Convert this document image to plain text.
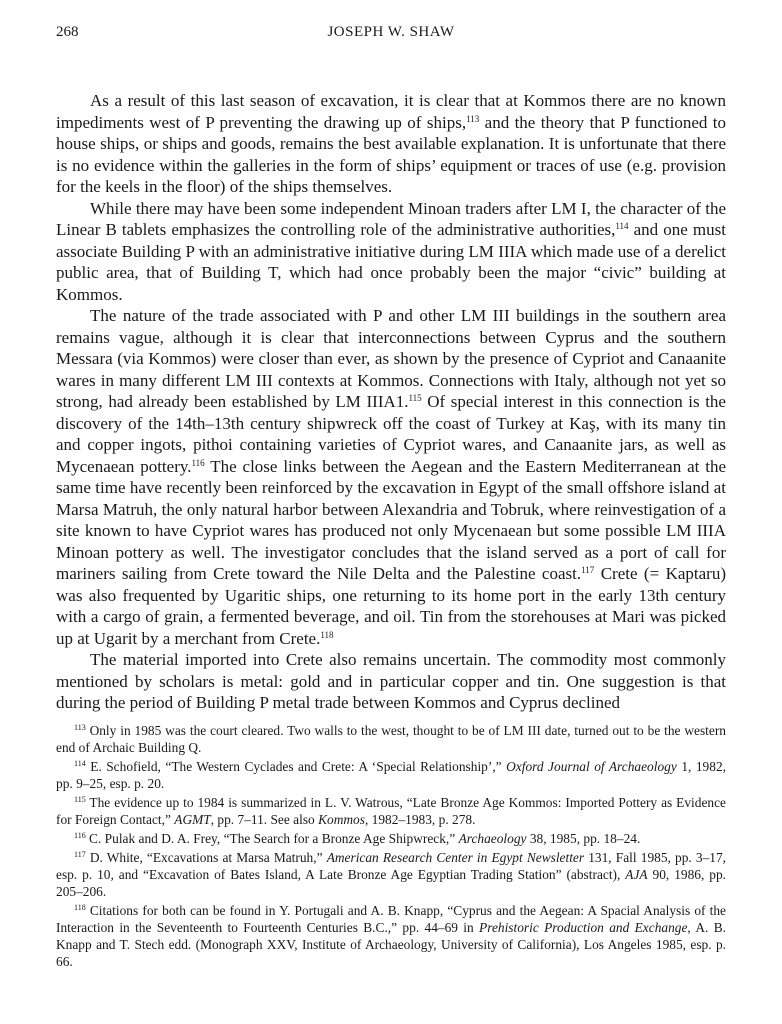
268	JOSEPH W. SHAW

As a result of this last season of excavation, it is clear that at Kommos there are no known impediments west of P preventing the drawing up of ships,$^{113}$ and the theory that P functioned to house ships, or ships and goods, remains the best available explanation. It is unfortunate that there is no evidence within the galleries in the form of ships’ equipment or traces of use (e.g. provision for the keels in the floor) of the ships themselves.

While there may have been some independent Minoan traders after LM I, the character of the Linear B tablets emphasizes the controlling role of the administrative authorities,$^{114}$ and one must associate Building P with an administrative initiative during LM IIIA which made use of a derelict public area, that of Building T, which had once probably been the major “civic” building at Kommos.

The nature of the trade associated with P and other LM III buildings in the southern area remains vague, although it is clear that interconnections between Cyprus and the southern Messara (via Kommos) were closer than ever, as shown by the presence of Cypriot and Canaanite wares in many different LM III contexts at Kommos. Connections with Italy, although not yet so strong, had already been established by LM IIIA1.$^{115}$ Of special interest in this connection is the discovery of the 14th–13th century shipwreck off the coast of Turkey at Kaş, with its many tin and copper ingots, pithoi containing varieties of Cypriot wares, and Canaanite jars, as well as Mycenaean pottery.$^{116}$ The close links between the Aegean and the Eastern Mediterranean at the same time have recently been reinforced by the excavation in Egypt of the small offshore island at Marsa Matruh, the only natural harbor between Alexandria and Tobruk, where reinvestigation of a site known to have Cypriot wares has produced not only Mycenaean but some possible LM IIIA Minoan pottery as well. The investigator concludes that the island served as a port of call for mariners sailing from Crete toward the Nile Delta and the Palestine coast.$^{117}$ Crete (= Kaptaru) was also frequented by Ugaritic ships, one returning to its home port in the early 13th century with a cargo of grain, a fermented beverage, and oil. Tin from the storehouses at Mari was picked up at Ugarit by a merchant from Crete.$^{118}$

The material imported into Crete also remains uncertain. The commodity most commonly mentioned by scholars is metal: gold and in particular copper and tin. One suggestion is that during the period of Building P metal trade between Kommos and Cyprus declined

$^{113}$ Only in 1985 was the court cleared. Two walls to the west, thought to be of LM III date, turned out to be the western end of Archaic Building Q.

$^{114}$ E. Schofield, “The Western Cyclades and Crete: A ‘Special Relationship’,” Oxford Journal of Archaeology 1, 1982, pp. 9–25, esp. p. 20.

$^{115}$ The evidence up to 1984 is summarized in L. V. Watrous, “Late Bronze Age Kommos: Imported Pottery as Evidence for Foreign Contact,” AGMT, pp. 7–11. See also Kommos, 1982–1983, p. 278.

$^{116}$ C. Pulak and D. A. Frey, “The Search for a Bronze Age Shipwreck,” Archaeology 38, 1985, pp. 18–24.

$^{117}$ D. White, “Excavations at Marsa Matruh,” American Research Center in Egypt Newsletter 131, Fall 1985, pp. 3–17, esp. p. 10, and “Excavation of Bates Island, A Late Bronze Age Egyptian Trading Station” (abstract), AJA 90, 1986, pp. 205–206.

$^{118}$ Citations for both can be found in Y. Portugali and A. B. Knapp, “Cyprus and the Aegean: A Spacial Analysis of the Interaction in the Seventeenth to Fourteenth Centuries B.C.,” pp. 44–69 in Prehistoric Production and Exchange, A. B. Knapp and T. Stech edd. (Monograph XXV, Institute of Archaeology, University of California), Los Angeles 1985, esp. p. 66.
